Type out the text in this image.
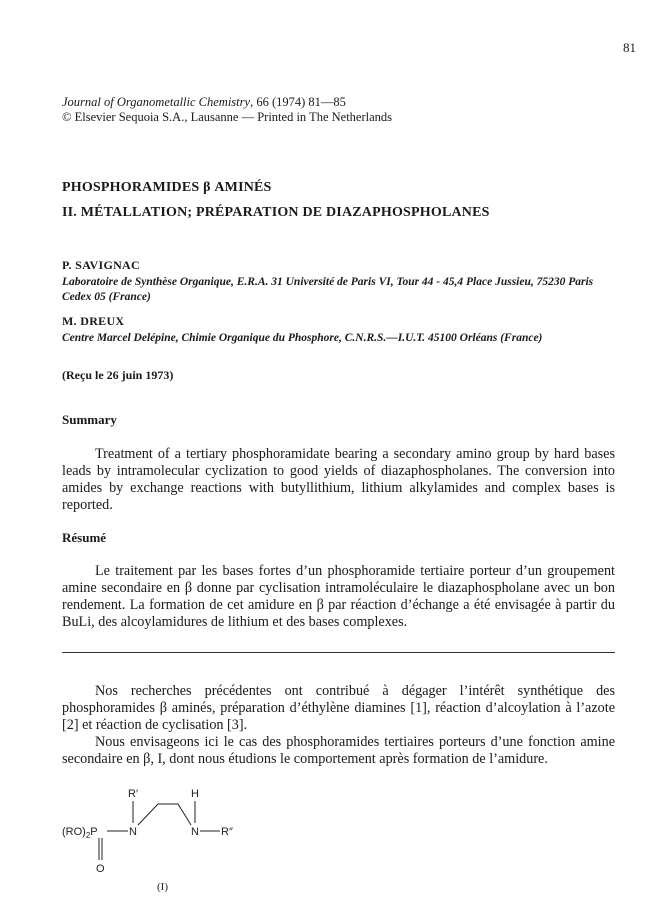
81
Journal of Organometallic Chemistry, 66 (1974) 81—85
© Elsevier Sequoia S.A., Lausanne — Printed in The Netherlands
PHOSPHORAMIDES β AMINÉS
II. MÉTALLATION; PRÉPARATION DE DIAZAPHOSPHOLANES
P. SAVIGNAC
Laboratoire de Synthèse Organique, E.R.A. 31 Université de Paris VI, Tour 44 - 45,4 Place Jussieu, 75230 Paris Cedex 05 (France)
M. DREUX
Centre Marcel Delépine, Chimie Organique du Phosphore, C.N.R.S.—I.U.T. 45100 Orléans (France)
(Reçu le 26 juin 1973)
Summary

Treatment of a tertiary phosphoramidate bearing a secondary amino group by hard bases leads by intramolecular cyclization to good yields of diazaphospholanes. The conversion into amides by exchange reactions with butyllithium, lithium alkylamides and complex bases is reported.

Résumé

Le traitement par les bases fortes d’un phosphoramide tertiaire porteur d’un groupement amine secondaire en β donne par cyclisation intramoléculaire le diazaphospholane avec un bon rendement. La formation de cet amidure en β par réaction d’échange a été envisagée à partir du BuLi, des alcoylamidures de lithium et des bases complexes.

Nos recherches précédentes ont contribué à dégager l’intérêt synthétique des phosphoramides β aminés, préparation d’éthylène diamines [1], réaction d’alcoylation à l’azote [2] et réaction de cyclisation [3].

Nous envisageons ici le cas des phosphoramides tertiaires porteurs d’une fonction amine secondaire en β, I, dont nous étudions le comportement après formation de l’amidure.

$(RO)_2P$	N
O
R′
N
H
R″
(I)
